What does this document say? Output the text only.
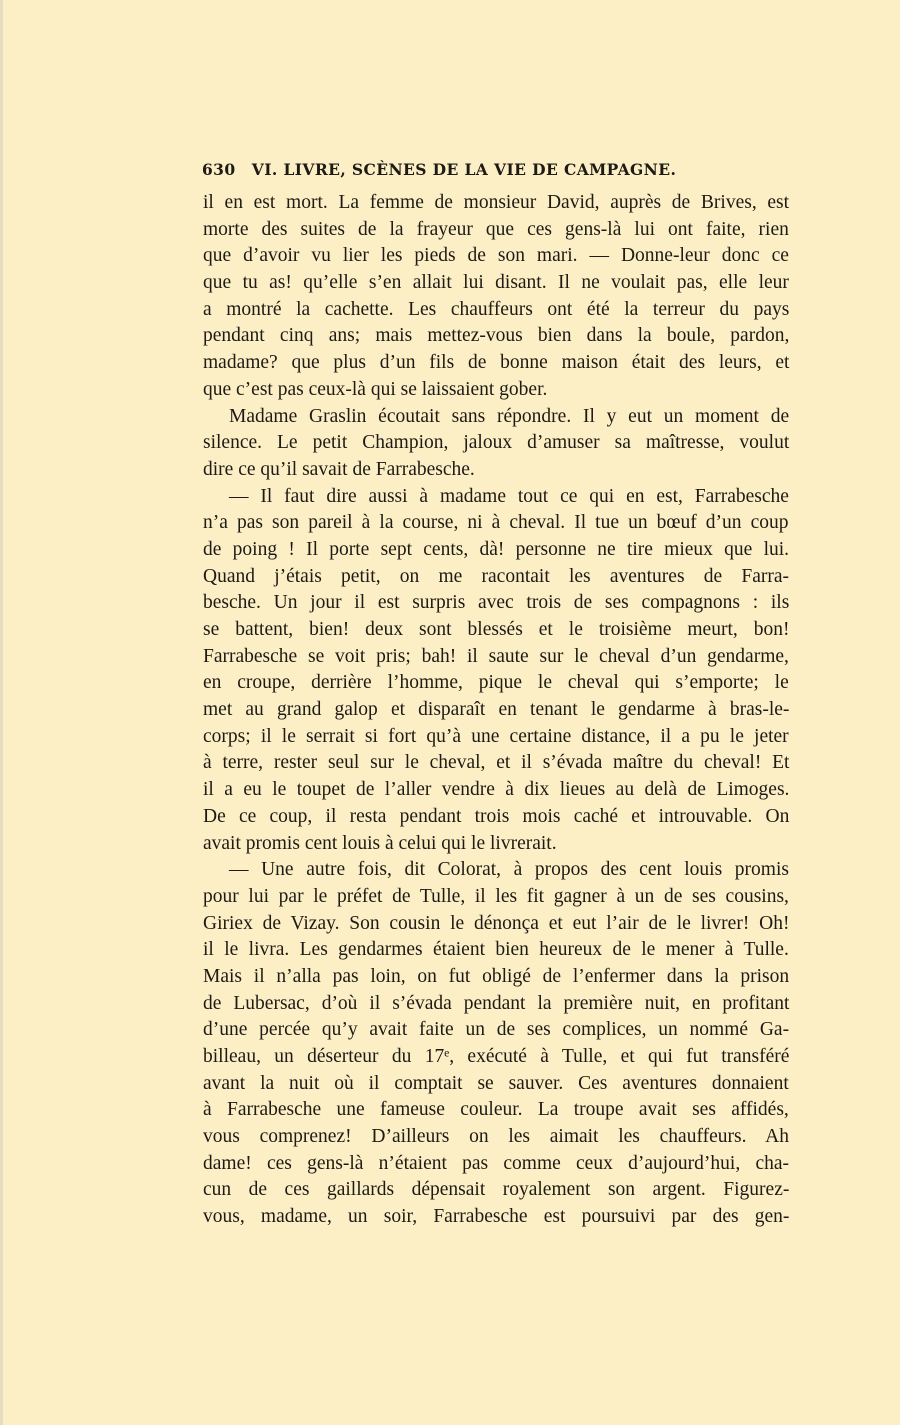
630 VI. LIVRE, SCÈNES DE LA VIE DE CAMPAGNE.
il en est mort. La femme de monsieur David, auprès de Brives, est
morte des suites de la frayeur que ces gens-là lui ont faite, rien
que d’avoir vu lier les pieds de son mari. — Donne-leur donc ce
que tu as! qu’elle s’en allait lui disant. Il ne voulait pas, elle leur
a montré la cachette. Les chauffeurs ont été la terreur du pays
pendant cinq ans; mais mettez-vous bien dans la boule, pardon,
madame? que plus d’un fils de bonne maison était des leurs, et
que c’est pas ceux-là qui se laissaient gober.
Madame Graslin écoutait sans répondre. Il y eut un moment de
silence. Le petit Champion, jaloux d’amuser sa maîtresse, voulut
dire ce qu’il savait de Farrabesche.
— Il faut dire aussi à madame tout ce qui en est, Farrabesche
n’a pas son pareil à la course, ni à cheval. Il tue un bœuf d’un coup
de poing ! Il porte sept cents, dà! personne ne tire mieux que lui.
Quand j’étais petit, on me racontait les aventures de Farra-
besche. Un jour il est surpris avec trois de ses compagnons : ils
se battent, bien! deux sont blessés et le troisième meurt, bon!
Farrabesche se voit pris; bah! il saute sur le cheval d’un gendarme,
en croupe, derrière l’homme, pique le cheval qui s’emporte; le
met au grand galop et disparaît en tenant le gendarme à bras-le-
corps; il le serrait si fort qu’à une certaine distance, il a pu le jeter
à terre, rester seul sur le cheval, et il s’évada maître du cheval! Et
il a eu le toupet de l’aller vendre à dix lieues au delà de Limoges.
De ce coup, il resta pendant trois mois caché et introuvable. On
avait promis cent louis à celui qui le livrerait.
— Une autre fois, dit Colorat, à propos des cent louis promis
pour lui par le préfet de Tulle, il les fit gagner à un de ses cousins,
Giriex de Vizay. Son cousin le dénonça et eut l’air de le livrer! Oh!
il le livra. Les gendarmes étaient bien heureux de le mener à Tulle.
Mais il n’alla pas loin, on fut obligé de l’enfermer dans la prison
de Lubersac, d’où il s’évada pendant la première nuit, en profitant
d’une percée qu’y avait faite un de ses complices, un nommé Ga-
billeau, un déserteur du 17ᵉ, exécuté à Tulle, et qui fut transféré
avant la nuit où il comptait se sauver. Ces aventures donnaient
à Farrabesche une fameuse couleur. La troupe avait ses affidés,
vous comprenez! D’ailleurs on les aimait les chauffeurs. Ah
dame! ces gens-là n’étaient pas comme ceux d’aujourd’hui, cha-
cun de ces gaillards dépensait royalement son argent. Figurez-
vous, madame, un soir, Farrabesche est poursuivi par des gen-
